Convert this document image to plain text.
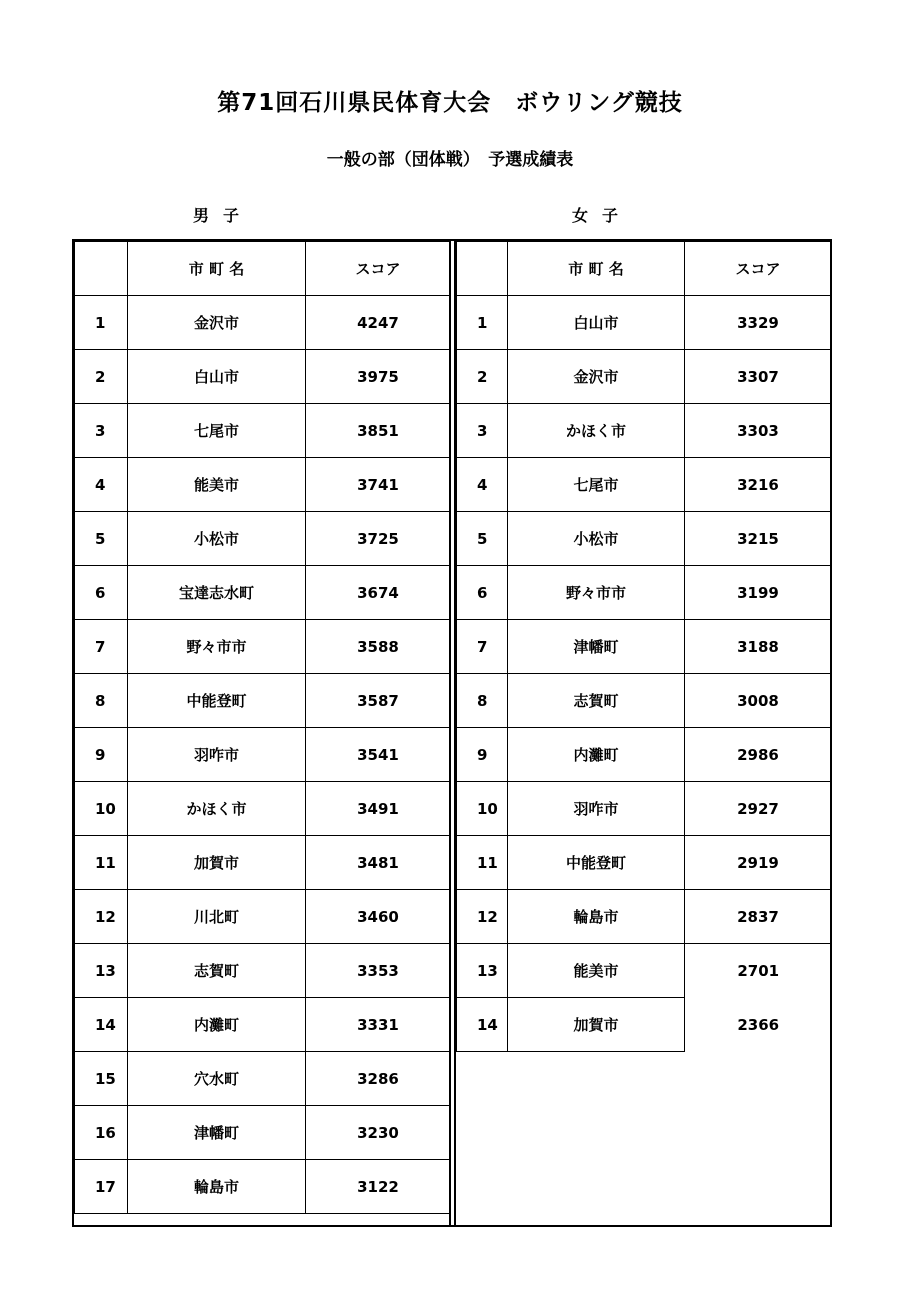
第71回石川県民体育大会　ボウリング競技
一般の部（団体戦）　予選成績表
男子	女子
	市 町 名	スコア
1	金沢市	4247
2	白山市	3975
3	七尾市	3851
4	能美市	3741
5	小松市	3725
6	宝達志水町	3674
7	野々市市	3588
8	中能登町	3587
9	羽咋市	3541
10	かほく市	3491
11	加賀市	3481
12	川北町	3460
13	志賀町	3353
14	内灘町	3331
15	穴水町	3286
16	津幡町	3230
17	輪島市	3122
	市 町 名	スコア
1	白山市	3329
2	金沢市	3307
3	かほく市	3303
4	七尾市	3216
5	小松市	3215
6	野々市市	3199
7	津幡町	3188
8	志賀町	3008
9	内灘町	2986
10	羽咋市	2927
11	中能登町	2919
12	輪島市	2837
13	能美市	2701
14	加賀市	2366
